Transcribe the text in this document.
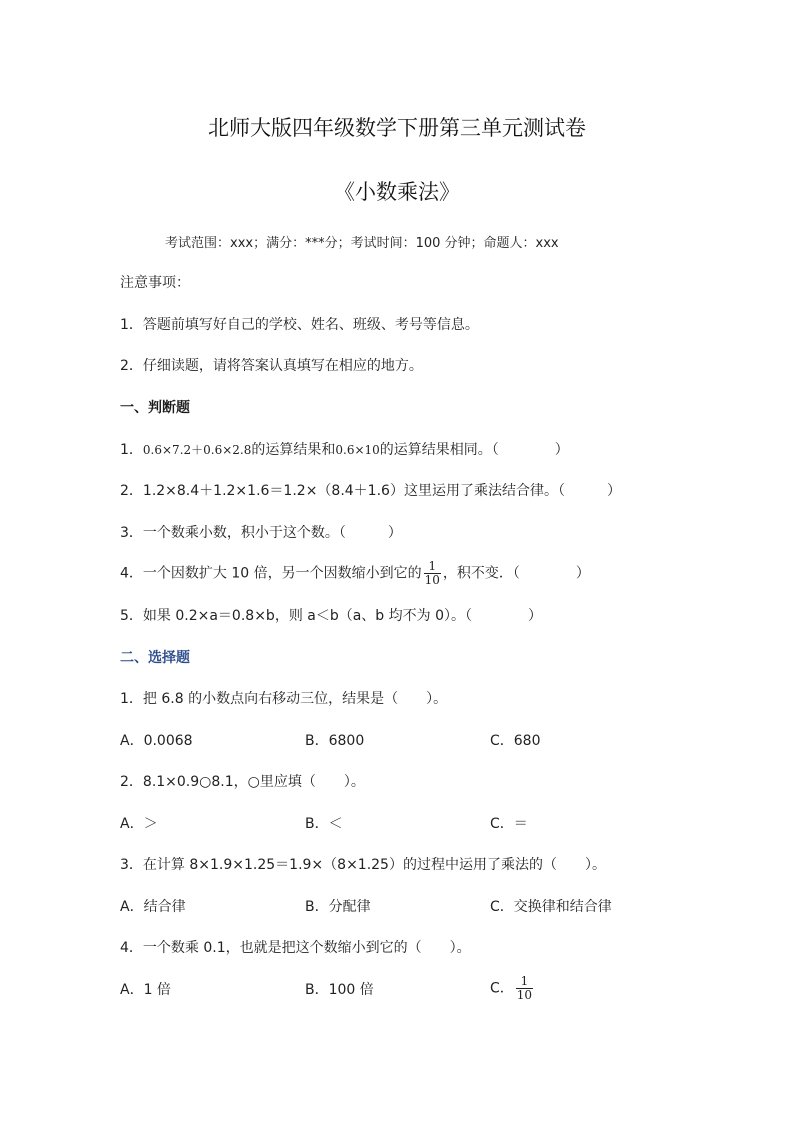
北师大版四年级数学下册第三单元测试卷
《小数乘法》
考试范围：xxx；满分：***分；考试时间：100 分钟；命题人：xxx
注意事项：
1．答题前填写好自己的学校、姓名、班级、考号等信息。
2．仔细读题，请将答案认真填写在相应的地方。
一、判断题
1．0.6×7.2＋0.6×2.8的运算结果和0.6×10的运算结果相同。（　　　　）
2．1.2×8.4＋1.2×1.6＝1.2×（8.4＋1.6）这里运用了乘法结合律。（　　　）
3．一个数乘小数，积小于这个数。（　　　）
4．一个因数扩大 10 倍，另一个因数缩小到它的 $\frac{1}{10}$ ，积不变．（　　　　）
5．如果 0.2×a＝0.8×b，则 a＜b（a、b 均不为 0）。（　　　　）
二、选择题
1．把 6.8 的小数点向右移动三位，结果是（　　）。
A．0.0068	B．6800	C．680
2．8.1×0.9○8.1，○里应填（　　）。
A．＞	B．＜	C．＝
3．在计算 8×1.9×1.25＝1.9×（8×1.25）的过程中运用了乘法的（　　）。
A．结合律	B．分配律	C．交换律和结合律
4．一个数乘 0.1，也就是把这个数缩小到它的（　　）。
A．1 倍	B．100 倍	C． $\frac{1}{10}$
